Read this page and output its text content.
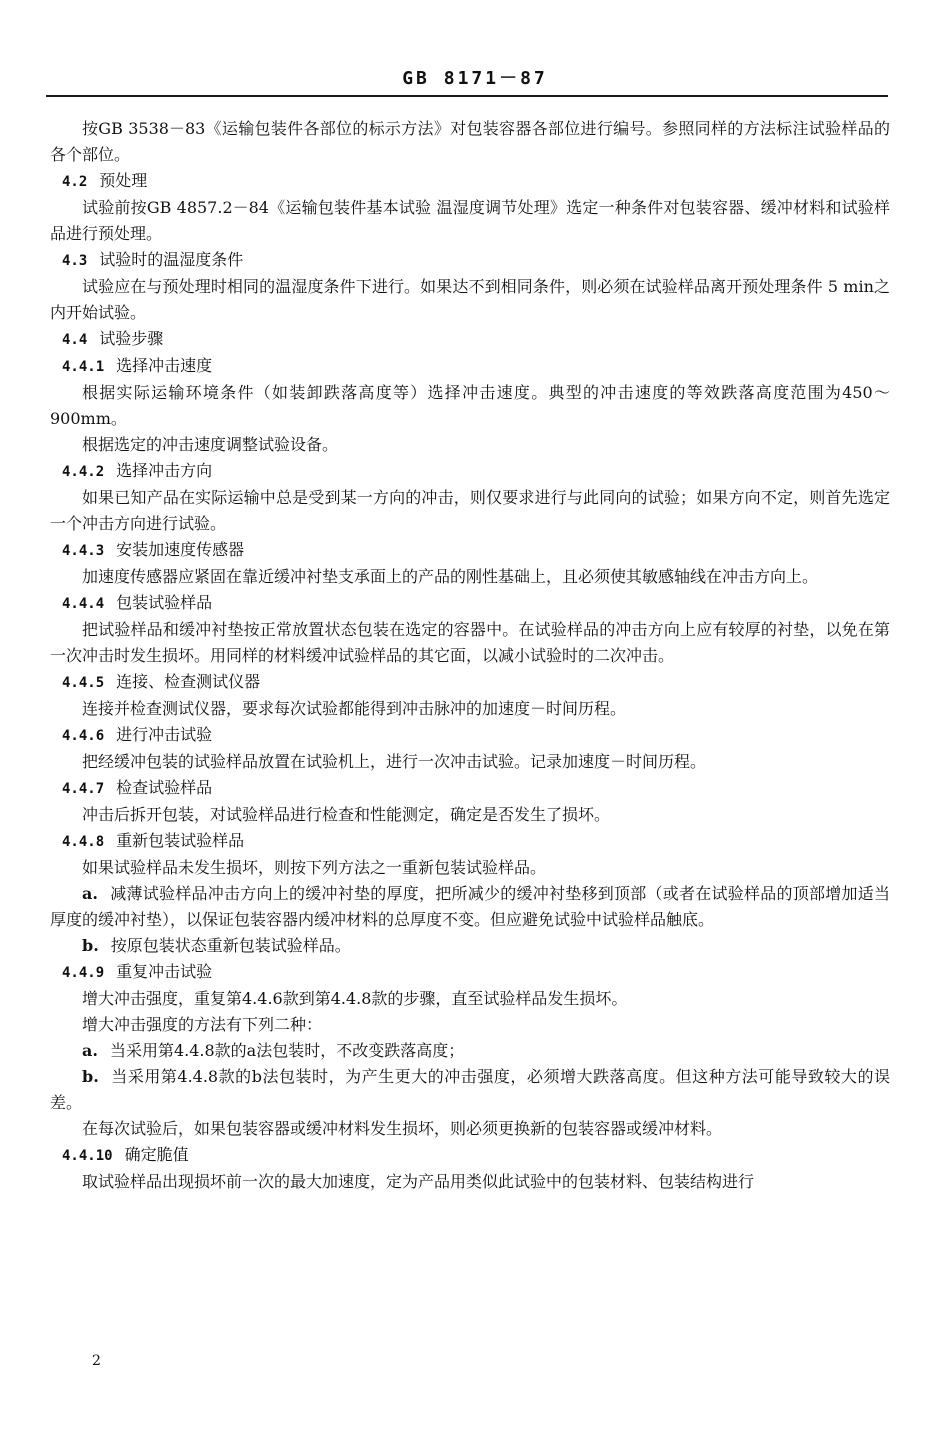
GB 8171－87

按GB 3538－83《运输包装件各部位的标示方法》对包装容器各部位进行编号。参照同样的方法标注试验样品的各个部位。

4.2 预处理

试验前按GB 4857.2－84《运输包装件基本试验 温湿度调节处理》选定一种条件对包装容器、缓冲材料和试验样品进行预处理。

4.3 试验时的温湿度条件

试验应在与预处理时相同的温湿度条件下进行。如果达不到相同条件，则必须在试验样品离开预处理条件 5 min之内开始试验。

4.4 试验步骤

4.4.1 选择冲击速度

根据实际运输环境条件（如装卸跌落高度等）选择冲击速度。典型的冲击速度的等效跌落高度范围为450～900mm。

根据选定的冲击速度调整试验设备。

4.4.2 选择冲击方向

如果已知产品在实际运输中总是受到某一方向的冲击，则仅要求进行与此同向的试验；如果方向不定，则首先选定一个冲击方向进行试验。

4.4.3 安装加速度传感器

加速度传感器应紧固在靠近缓冲衬垫支承面上的产品的刚性基础上，且必须使其敏感轴线在冲击方向上。

4.4.4 包装试验样品

把试验样品和缓冲衬垫按正常放置状态包装在选定的容器中。在试验样品的冲击方向上应有较厚的衬垫，以免在第一次冲击时发生损坏。用同样的材料缓冲试验样品的其它面，以减小试验时的二次冲击。

4.4.5 连接、检查测试仪器

连接并检查测试仪器，要求每次试验都能得到冲击脉冲的加速度－时间历程。

4.4.6 进行冲击试验

把经缓冲包装的试验样品放置在试验机上，进行一次冲击试验。记录加速度－时间历程。

4.4.7 检查试验样品

冲击后拆开包装，对试验样品进行检查和性能测定，确定是否发生了损坏。

4.4.8 重新包装试验样品

如果试验样品未发生损坏，则按下列方法之一重新包装试验样品。

a. 减薄试验样品冲击方向上的缓冲衬垫的厚度，把所减少的缓冲衬垫移到顶部（或者在试验样品的顶部增加适当厚度的缓冲衬垫），以保证包装容器内缓冲材料的总厚度不变。但应避免试验中试验样品触底。

b. 按原包装状态重新包装试验样品。

4.4.9 重复冲击试验

增大冲击强度，重复第4.4.6款到第4.4.8款的步骤，直至试验样品发生损坏。

增大冲击强度的方法有下列二种：

a. 当采用第4.4.8款的a法包装时，不改变跌落高度；

b. 当采用第4.4.8款的b法包装时，为产生更大的冲击强度，必须增大跌落高度。但这种方法可能导致较大的误差。

在每次试验后，如果包装容器或缓冲材料发生损坏，则必须更换新的包装容器或缓冲材料。

4.4.10 确定脆值

取试验样品出现损坏前一次的最大加速度，定为产品用类似此试验中的包装材料、包装结构进行

2
